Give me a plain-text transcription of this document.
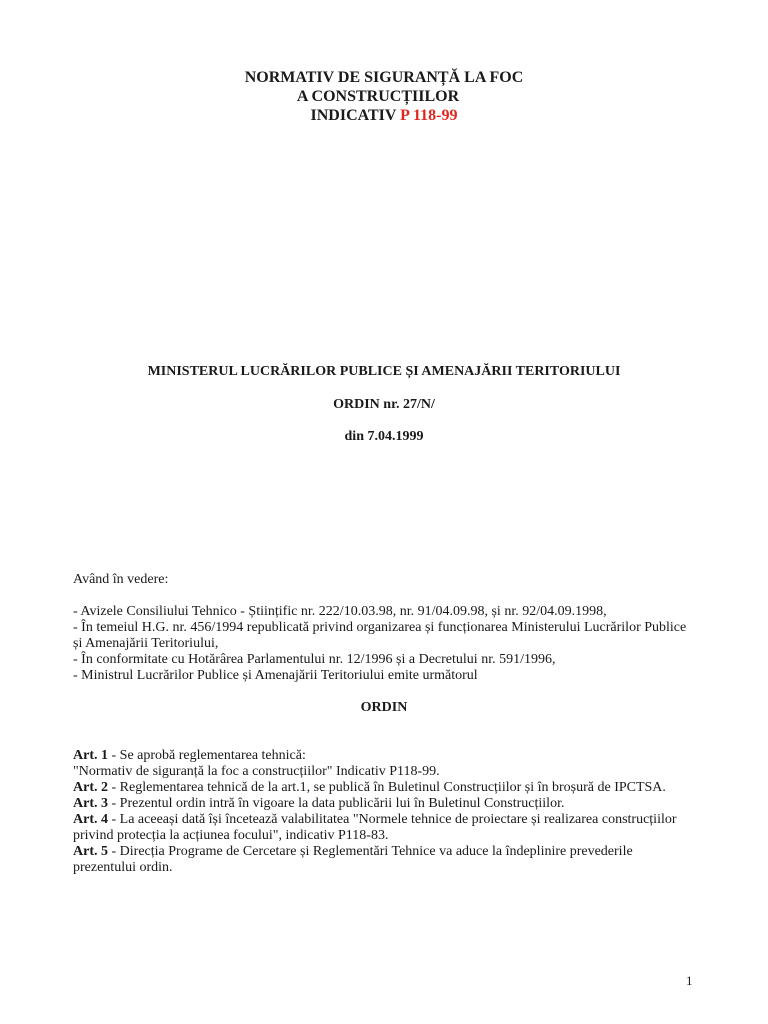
NORMATIV DE SIGURANȚĂ LA FOC
A CONSTRUCȚIILOR
INDICATIV P 118-99
MINISTERUL LUCRĂRILOR PUBLICE ȘI AMENAJĂRII TERITORIULUI
ORDIN nr. 27/N/
din 7.04.1999
Având în vedere:

- Avizele Consiliului Tehnico - Științific nr. 222/10.03.98, nr. 91/04.09.98, și nr. 92/04.09.1998,

- În temeiul H.G. nr. 456/1994 republicată privind organizarea și funcționarea Ministerului Lucrărilor Publice și Amenajării Teritoriului,

- În conformitate cu Hotărârea Parlamentului nr. 12/1996 și a Decretului nr. 591/1996,

- Ministrul Lucrărilor Publice și Amenajării Teritoriului emite următorul

ORDIN

Art. 1 - Se aprobă reglementarea tehnică:

"Normativ de siguranță la foc a construcțiilor" Indicativ P118-99.

Art. 2 - Reglementarea tehnică de la art.1, se publică în Buletinul Construcțiilor și în broșură de IPCTSA.

Art. 3 - Prezentul ordin intră în vigoare la data publicării lui în Buletinul Construcțiilor.

Art. 4 - La aceeași dată își încetează valabilitatea "Normele tehnice de proiectare și realizarea construcțiilor privind protecția la acțiunea focului", indicativ P118-83.

Art. 5 - Direcția Programe de Cercetare și Reglementări Tehnice va aduce la îndeplinire prevederile prezentului ordin.

1
